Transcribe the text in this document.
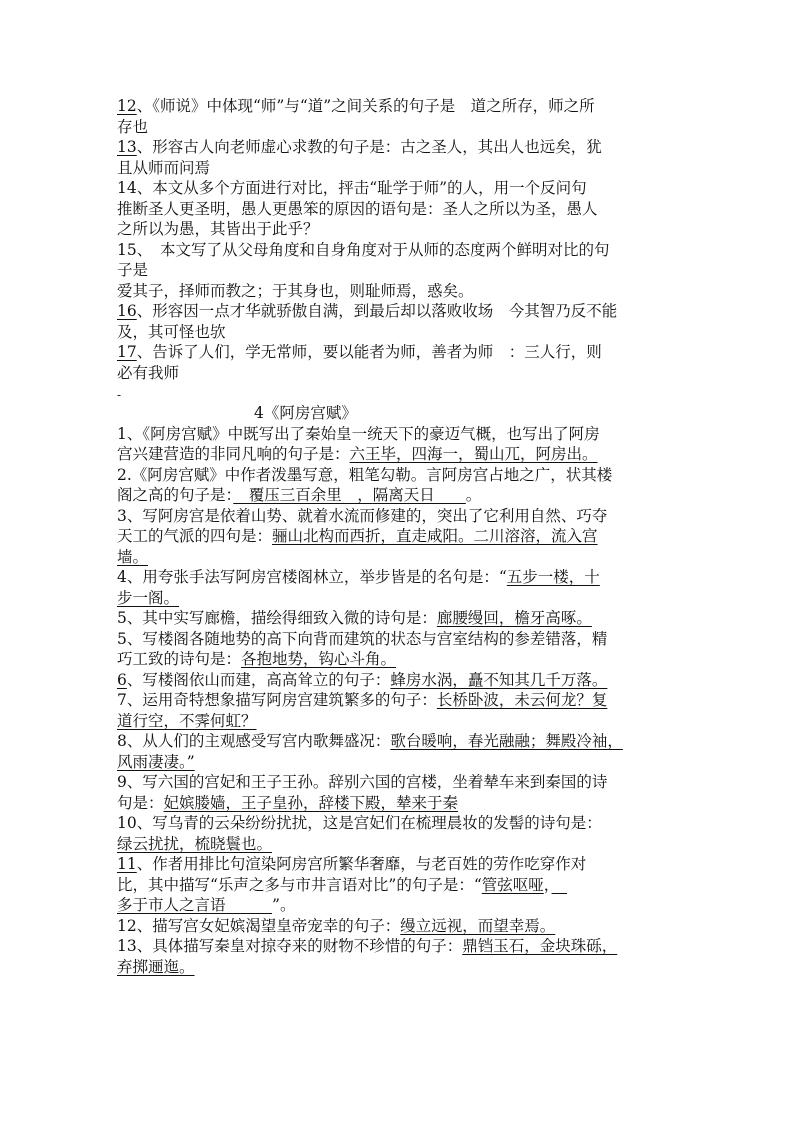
12、《师说》中体现“师”与“道”之间关系的句子是　道之所存，师之所
存也
13、形容古人向老师虚心求教的句子是：古之圣人，其出人也远矣，犹
且从师而问焉
14、本文从多个方面进行对比，抨击“耻学于师”的人，用一个反问句
推断圣人更圣明，愚人更愚笨的原因的语句是：圣人之所以为圣，愚人
之所以为愚，其皆出于此乎？
15、　本文写了从父母角度和自身角度对于从师的态度两个鲜明对比的句
子是
爱其子，择师而教之；于其身也，则耻师焉，惑矣。
16、形容因一点才华就骄傲自满，到最后却以落败收场　今其智乃反不能
及，其可怪也欤
17、告诉了人们，学无常师，要以能者为师，善者为师　：三人行，则
必有我师
-
4《阿房宫赋》
1、《阿房宫赋》中既写出了秦始皇一统天下的豪迈气概，也写出了阿房
宫兴建营造的非同凡响的句子是：六王毕，四海一，蜀山兀，阿房出。
2.《阿房宫赋》中作者泼墨写意，粗笔勾勒。言阿房宫占地之广，状其楼
阁之高的句子是：　覆压三百余里　，隔离天日　　。
3、写阿房宫是依着山势、就着水流而修建的，突出了它利用自然、巧夺
天工的气派的四句是：骊山北构而西折，直走咸阳。二川溶溶，流入宫
墙。
4、用夸张手法写阿房宫楼阁林立，举步皆是的名句是：“五步一楼，十
步一阁。
5、其中实写廊檐，描绘得细致入微的诗句是：廊腰缦回，檐牙高啄。
5、写楼阁各随地势的高下向背而建筑的状态与宫室结构的参差错落，精
巧工致的诗句是：各抱地势，钩心斗角。
6、写楼阁依山而建，高高耸立的句子：蜂房水涡，矗不知其几千万落。
7、运用奇特想象描写阿房宫建筑繁多的句子：长桥卧波，未云何龙？复
道行空，不霁何虹？
8、从人们的主观感受写宫内歌舞盛况：歌台暖响，春光融融；舞殿冷袖，
风雨凄凄。”
9、写六国的宫妃和王子王孙。辞别六国的宫楼，坐着辇车来到秦国的诗
句是：妃嫔媵嫱，王子皇孙，辞楼下殿，辇来于秦
10、写乌青的云朵纷纷扰扰，这是宫妃们在梳理晨妆的发髻的诗句是：
绿云扰扰，梳晓鬟也。
11、作者用排比句渲染阿房宫所繁华奢靡，与老百姓的劳作吃穿作对
比，其中描写“乐声之多与市井言语对比”的句子是：“管弦呕哑，　
多于市人之言语　　　”。
12、描写宫女妃嫔渴望皇帝宠幸的句子：缦立远视，而望幸焉。
13、具体描写秦皇对掠夺来的财物不珍惜的句子：鼎铛玉石，金块珠砾，
弃掷逦迤。
